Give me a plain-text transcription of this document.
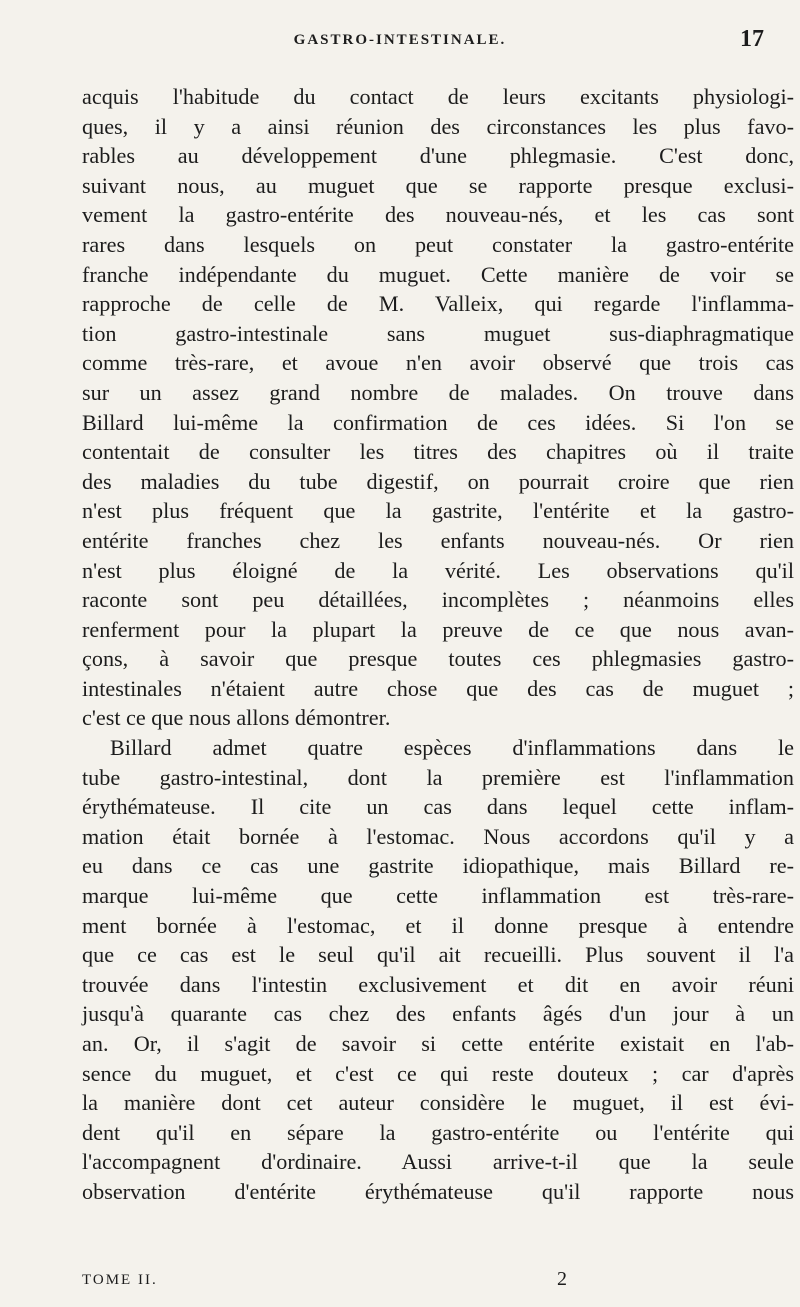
GASTRO-INTESTINALE.	17
acquis l'habitude du contact de leurs excitants physiologi-
ques, il y a ainsi réunion des circonstances les plus favo-
rables au développement d'une phlegmasie. C'est donc,
suivant nous, au muguet que se rapporte presque exclusi-
vement la gastro-entérite des nouveau-nés, et les cas sont
rares dans lesquels on peut constater la gastro-entérite
franche indépendante du muguet. Cette manière de voir se
rapproche de celle de M. Valleix, qui regarde l'inflamma-
tion gastro-intestinale sans muguet sus-diaphragmatique
comme très-rare, et avoue n'en avoir observé que trois cas
sur un assez grand nombre de malades. On trouve dans
Billard lui-même la confirmation de ces idées. Si l'on se
contentait de consulter les titres des chapitres où il traite
des maladies du tube digestif, on pourrait croire que rien
n'est plus fréquent que la gastrite, l'entérite et la gastro-
entérite franches chez les enfants nouveau-nés. Or rien
n'est plus éloigné de la vérité. Les observations qu'il
raconte sont peu détaillées, incomplètes ; néanmoins elles
renferment pour la plupart la preuve de ce que nous avan-
çons, à savoir que presque toutes ces phlegmasies gastro-
intestinales n'étaient autre chose que des cas de muguet ;
c'est ce que nous allons démontrer.
Billard admet quatre espèces d'inflammations dans le
tube gastro-intestinal, dont la première est l'inflammation
érythémateuse. Il cite un cas dans lequel cette inflam-
mation était bornée à l'estomac. Nous accordons qu'il y a
eu dans ce cas une gastrite idiopathique, mais Billard re-
marque lui-même que cette inflammation est très-rare-
ment bornée à l'estomac, et il donne presque à entendre
que ce cas est le seul qu'il ait recueilli. Plus souvent il l'a
trouvée dans l'intestin exclusivement et dit en avoir réuni
jusqu'à quarante cas chez des enfants âgés d'un jour à un
an. Or, il s'agit de savoir si cette entérite existait en l'ab-
sence du muguet, et c'est ce qui reste douteux ; car d'après
la manière dont cet auteur considère le muguet, il est évi-
dent qu'il en sépare la gastro-entérite ou l'entérite qui
l'accompagnent d'ordinaire. Aussi arrive-t-il que la seule
observation d'entérite érythémateuse qu'il rapporte nous
TOME II.	2
